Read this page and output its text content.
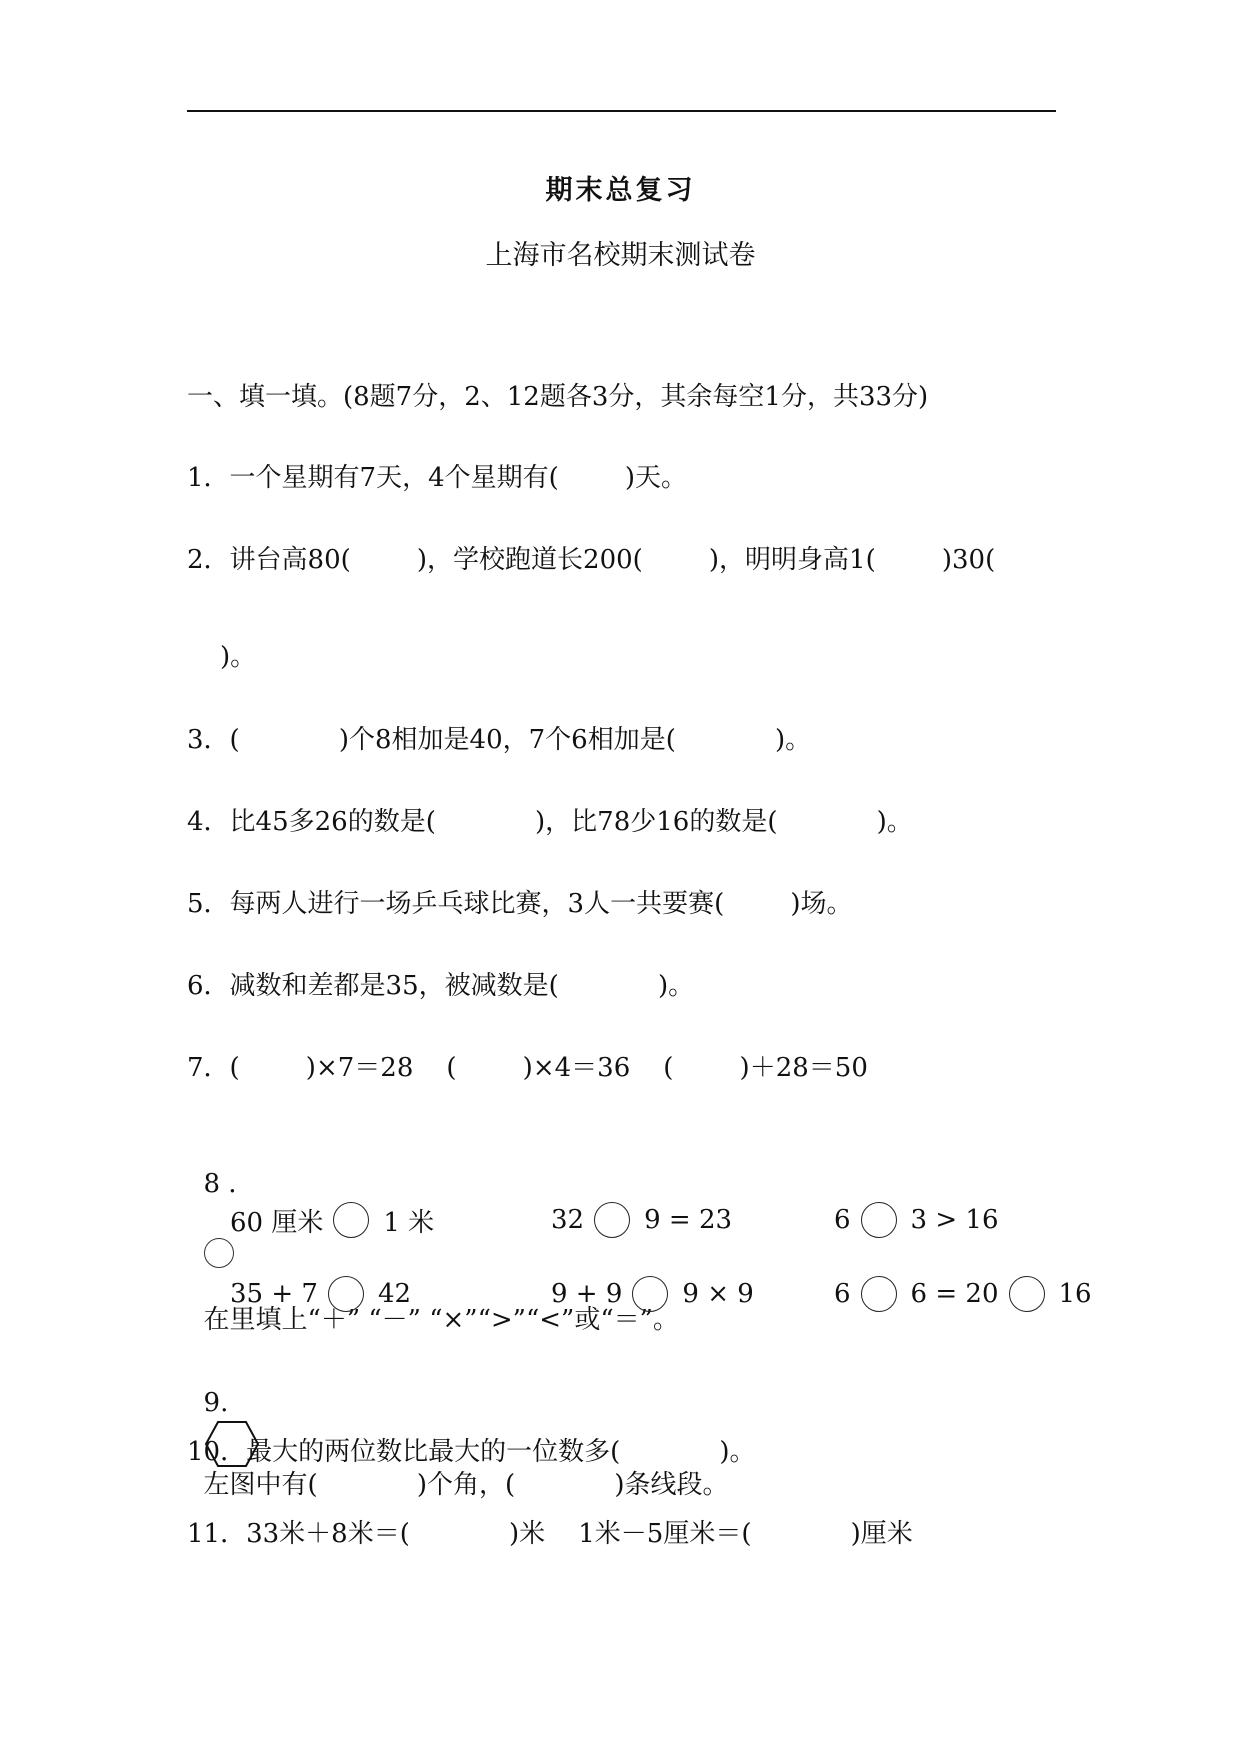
期末总复习
上海市名校期末测试卷
一、填一填。(8题7分，2、12题各3分，其余每空1分，共33分)
1．一个星期有7天，4个星期有(        )天。
2．讲台高80(        )，学校跑道长200(        )，明明身高1(        )30(
)。
3．(            )个8相加是40，7个6相加是(            )。
4．比45多26的数是(            )，比78少16的数是(            )。
5．每两人进行一场乒乓球比赛，3人一共要赛(        )场。
6．减数和差都是35，被减数是(            )。
7．(        )×7＝28    (        )×4＝36    (        )＋28＝50

8 ．

在里填上“＋” “－” “×”“>”“<”或“＝”。

60 厘米 1 米	32 9 = 23	6 3 > 16
35 + 7 42	9 + 9 9 × 9	6 6 = 20 16

9.

左图中有(            )个角，(            )条线段。

10．最大的两位数比最大的一位数多(            )。
11．33米＋8米＝(            )米    1米－5厘米＝(            )厘米
